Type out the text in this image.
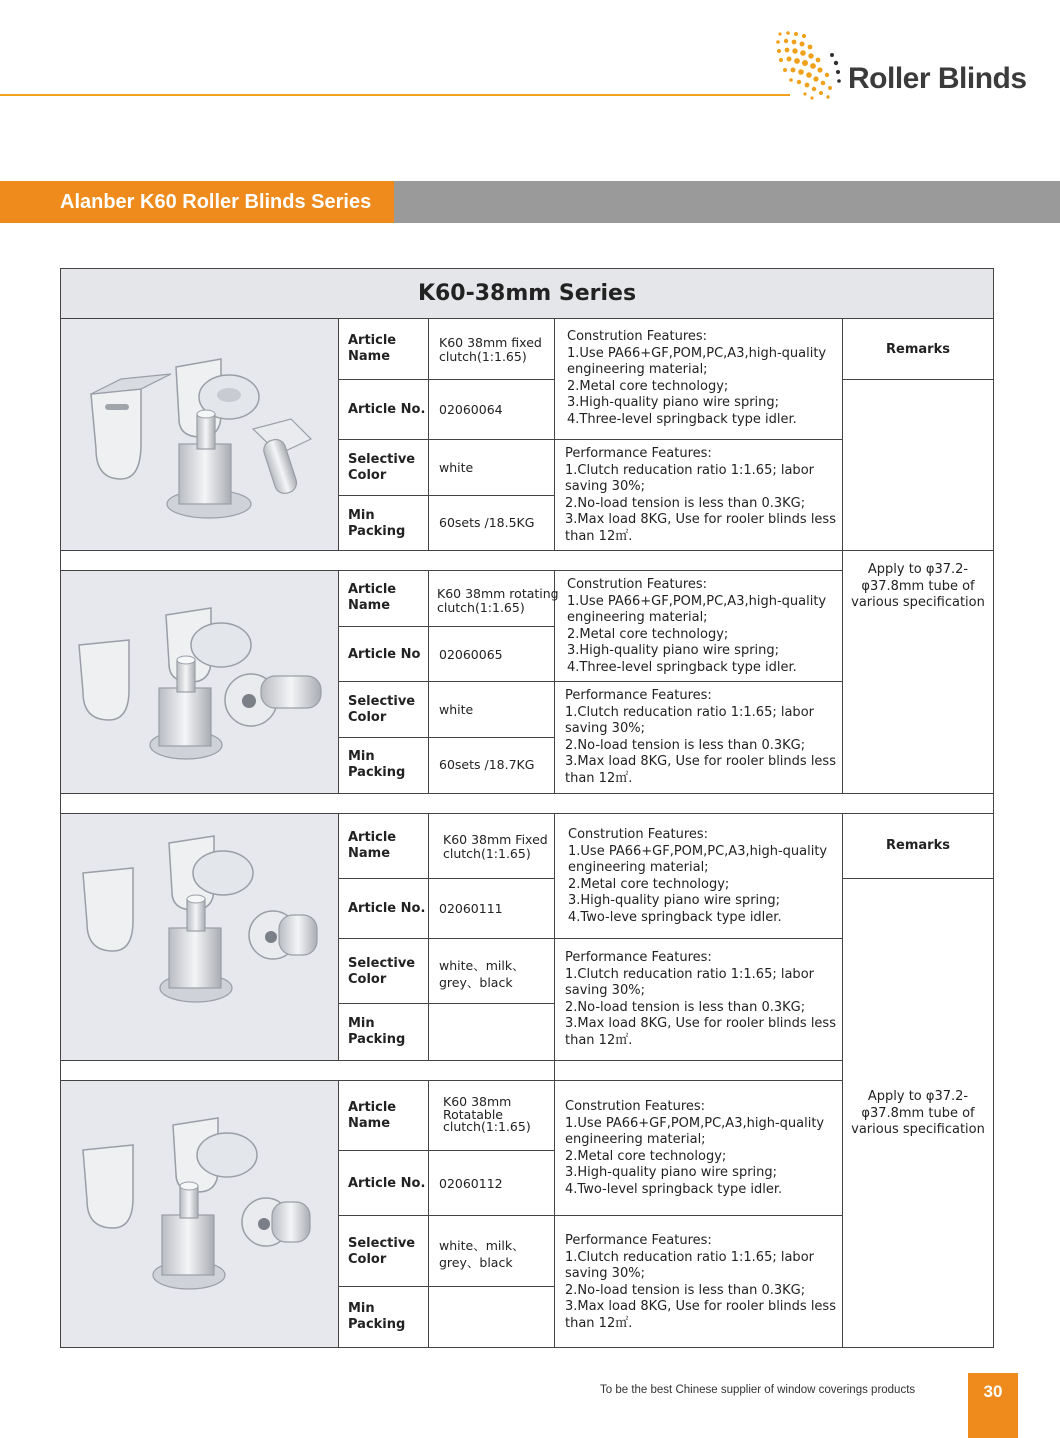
Roller Blinds
Alanber K60 Roller Blinds Series
K60-38mm Series
Article
Name
K60 38mm fixed
clutch(1:1.65)
Article No. 02060064
Selective
Color
white
Min
Packing
60sets /18.5KG
Constrution Features:
1.Use PA66+GF,POM,PC,A3,high-quality
engineering material;
2.Metal core technology;
3.High-quality piano wire spring;
4.Three-level springback type idler.
Performance Features:
1.Clutch reducation ratio 1:1.65; labor
saving 30%;
2.No-load tension is less than 0.3KG;
3.Max load 8KG, Use for rooler blinds less
than 12㎡.
Remarks
Apply to φ37.2-
φ37.8mm tube of
various specification
Article
Name
K60 38mm rotating
clutch(1:1.65)
Article No 02060065
Selective
Color
white
Min
Packing
60sets /18.7KG
Constrution Features:
1.Use PA66+GF,POM,PC,A3,high-quality
engineering material;
2.Metal core technology;
3.High-quality piano wire spring;
4.Three-level springback type idler.
Performance Features:
1.Clutch reducation ratio 1:1.65; labor
saving 30%;
2.No-load tension is less than 0.3KG;
3.Max load 8KG, Use for rooler blinds less
than 12㎡.
Article
Name
K60 38mm Fixed
clutch(1:1.65)
Article No. 02060111
Selective
Color
white、milk、
grey、black
Min
Packing
Constrution Features:
1.Use PA66+GF,POM,PC,A3,high-quality
engineering material;
2.Metal core technology;
3.High-quality piano wire spring;
4.Two-leve springback type idler.
Performance Features:
1.Clutch reducation ratio 1:1.65; labor
saving 30%;
2.No-load tension is less than 0.3KG;
3.Max load 8KG, Use for rooler blinds less
than 12㎡.
Remarks
Apply to φ37.2-
φ37.8mm tube of
various specification
Article
Name
K60 38mm
Rotatable
clutch(1:1.65)
Article No. 02060112
Selective
Color
white、milk、
grey、black
Min
Packing
Constrution Features:
1.Use PA66+GF,POM,PC,A3,high-quality
engineering material;
2.Metal core technology;
3.High-quality piano wire spring;
4.Two-level springback type idler.
Performance Features:
1.Clutch reducation ratio 1:1.65; labor
saving 30%;
2.No-load tension is less than 0.3KG;
3.Max load 8KG, Use for rooler blinds less
than 12㎡.
To be the best Chinese supplier of window coverings products	30
